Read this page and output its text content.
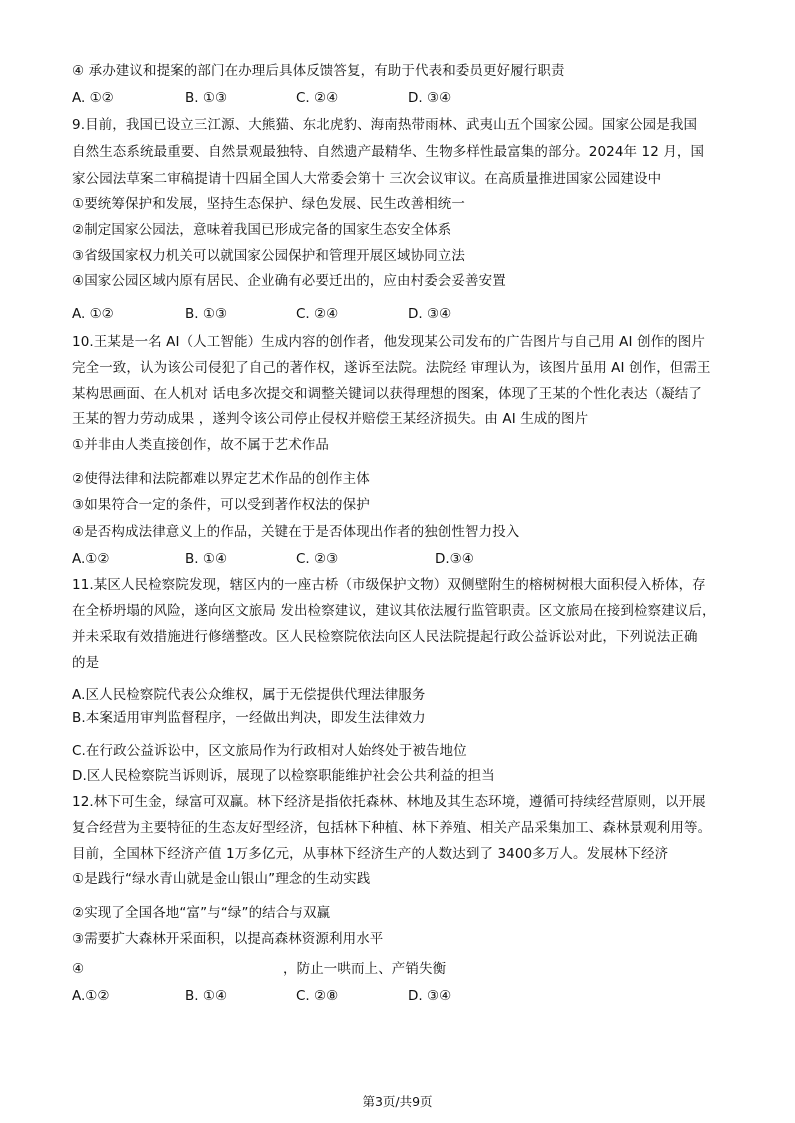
④ 承办建议和提案的部门在办理后具体反馈答复，有助于代表和委员更好履行职责
A. ①②	B. ①③	C. ②④	D. ③④
9.目前，我国已设立三江源、大熊猫、东北虎豹、海南热带雨林、武夷山五个国家公园。国家公园是我国
自然生态系统最重要、自然景观最独特、自然遗产最精华、生物多样性最富集的部分。2024年 12 月，国
家公园法草案二审稿提请十四届全国人大常委会第十 三次会议审议。在高质量推进国家公园建设中
①要统筹保护和发展，坚持生态保护、绿色发展、民生改善相统一
②制定国家公园法，意味着我国已形成完备的国家生态安全体系
③省级国家权力机关可以就国家公园保护和管理开展区域协同立法
④国家公园区域内原有居民、企业确有必要迁出的，应由村委会妥善安置
A. ①②	B. ①③	C. ②④	D. ③④
10.王某是一名 AI（人工智能）生成内容的创作者，他发现某公司发布的广告图片与自己用 AI 创作的图片
完全一致，认为该公司侵犯了自己的著作权，遂诉至法院。法院经 审理认为，该图片虽用 AI 创作，但需王
某构思画面、在人机对 话电多次提交和调整关键词以获得理想的图案，体现了王某的个性化表达（凝结了
王某的智力劳动成果 ，遂判令该公司停止侵权并赔偿王某经济损失。由 AI 生成的图片
①并非由人类直接创作，故不属于艺术作品
②使得法律和法院都难以界定艺术作品的创作主体
③如果符合一定的条件，可以受到著作权法的保护
④是否构成法律意义上的作品，关键在于是否体现出作者的独创性智力投入
A.①②	B. ①④	C. ②③	D.③④
11.某区人民检察院发现，辖区内的一座古桥（市级保护文物）双侧壁附生的榕树树根大面积侵入桥体，存
在全桥坍塌的风险，遂向区文旅局 发出检察建议，建议其依法履行监管职责。区文旅局在接到检察建议后，
并未采取有效措施进行修缮整改。区人民检察院依法向区人民法院提起行政公益诉讼对此，下列说法正确
的是
A.区人民检察院代表公众维权，属于无偿提供代理法律服务
B.本案适用审判监督程序，一经做出判决，即发生法律效力
C.在行政公益诉讼中，区文旅局作为行政相对人始终处于被告地位
D.区人民检察院当诉则诉，展现了以检察职能维护社会公共利益的担当
12.林下可生金，绿富可双赢。林下经济是指依托森林、林地及其生态环境，遵循可持续经营原则，以开展
复合经营为主要特征的生态友好型经济，包括林下种植、林下养殖、相关产品采集加工、森林景观利用等。
目前，全国林下经济产值 1万多亿元，从事林下经济生产的人数达到了 3400多万人。发展林下经济
①是践行“绿水青山就是金山银山”理念的生动实践
②实现了全国各地“富”与“绿”的结合与双赢
③需要扩大森林开采面积，以提高森林资源利用水平
④	，防止一哄而上、产销失衡
A.①②	B. ①④	C. ②⑧	D. ③④
第3页/共9页
